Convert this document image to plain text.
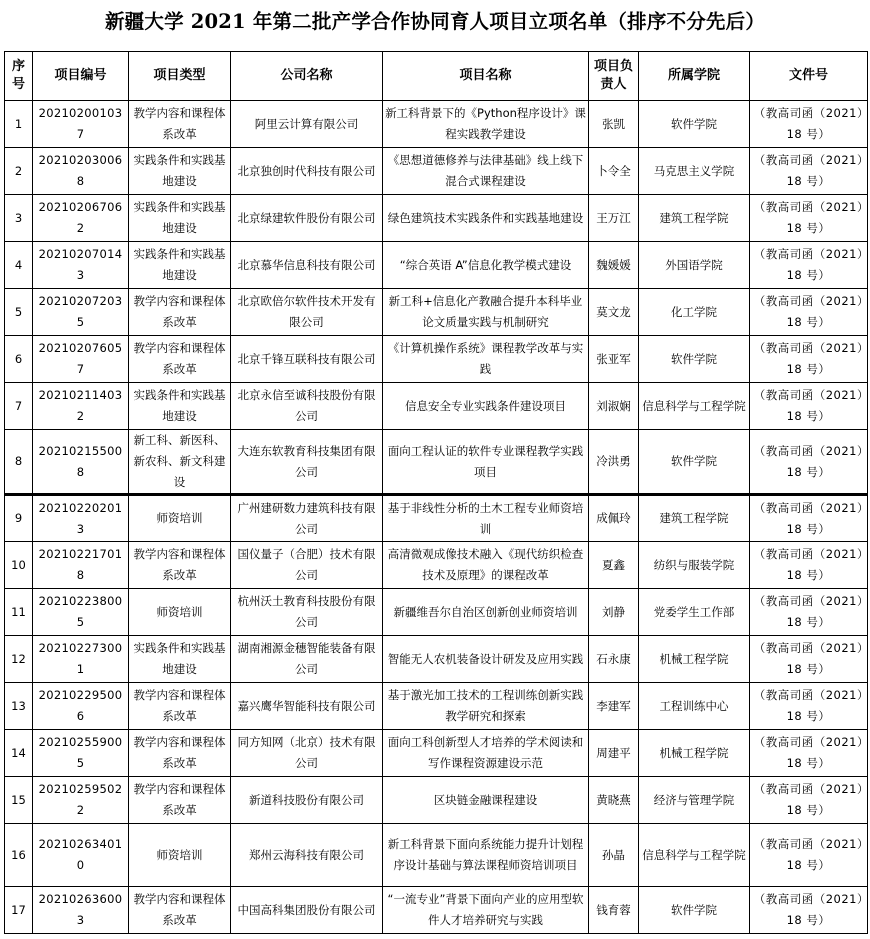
新疆大学 2021 年第二批产学合作协同育人项目立项名单（排序不分先后）
序号	项目编号	项目类型	公司名称	项目名称	项目负责人	所属学院	文件号
1	202102001037	教学内容和课程体系改革	阿里云计算有限公司	新工科背景下的《Python程序设计》课程实践教学建设	张凯	软件学院	（教高司函（2021）18 号）
2	202102030068	实践条件和实践基地建设	北京独创时代科技有限公司	《思想道德修养与法律基础》线上线下混合式课程建设	卜令全	马克思主义学院	（教高司函（2021）18 号）
3	202102067062	实践条件和实践基地建设	北京绿建软件股份有限公司	绿色建筑技术实践条件和实践基地建设	王万江	建筑工程学院	（教高司函（2021）18 号）
4	202102070143	实践条件和实践基地建设	北京慕华信息科技有限公司	“综合英语 A”信息化教学模式建设	魏媛媛	外国语学院	（教高司函（2021）18 号）
5	202102072035	教学内容和课程体系改革	北京欧倍尔软件技术开发有限公司	新工科+信息化产教融合提升本科毕业论文质量实践与机制研究	莫文龙	化工学院	（教高司函（2021）18 号）
6	202102076057	教学内容和课程体系改革	北京千锋互联科技有限公司	《计算机操作系统》课程教学改革与实践	张亚军	软件学院	（教高司函（2021）18 号）
7	202102114032	实践条件和实践基地建设	北京永信至诚科技股份有限公司	信息安全专业实践条件建设项目	刘淑娴	信息科学与工程学院	（教高司函（2021）18 号）
8	202102155008	新工科、新医科、新农科、新文科建设	大连东软教育科技集团有限公司	面向工程认证的软件专业课程教学实践项目	冷洪勇	软件学院	（教高司函（2021）18 号）
9	202102202013	师资培训	广州建研数力建筑科技有限公司	基于非线性分析的土木工程专业师资培训	成佩玲	建筑工程学院	（教高司函（2021）18 号）
10	202102217018	教学内容和课程体系改革	国仪量子（合肥）技术有限公司	高清微观成像技术融入《现代纺织检查技术及原理》的课程改革	夏鑫	纺织与服装学院	（教高司函（2021）18 号）
11	202102238005	师资培训	杭州沃土教育科技股份有限公司	新疆维吾尔自治区创新创业师资培训	刘静	党委学生工作部	（教高司函（2021）18 号）
12	202102273001	实践条件和实践基地建设	湖南湘源金穗智能装备有限公司	智能无人农机装备设计研发及应用实践	石永康	机械工程学院	（教高司函（2021）18 号）
13	202102295006	教学内容和课程体系改革	嘉兴鹰华智能科技有限公司	基于激光加工技术的工程训练创新实践教学研究和探索	李建军	工程训练中心	（教高司函（2021）18 号）
14	202102559005	教学内容和课程体系改革	同方知网（北京）技术有限公司	面向工科创新型人才培养的学术阅读和写作课程资源建设示范	周建平	机械工程学院	（教高司函（2021）18 号）
15	202102595022	教学内容和课程体系改革	新道科技股份有限公司	区块链金融课程建设	黄晓燕	经济与管理学院	（教高司函（2021）18 号）
16	202102634010	师资培训	郑州云海科技有限公司	新工科背景下面向系统能力提升计划程序设计基础与算法课程师资培训项目	孙晶	信息科学与工程学院	（教高司函（2021）18 号）
17	202102636003	教学内容和课程体系改革	中国高科集团股份有限公司	“一流专业”背景下面向产业的应用型软件人才培养研究与实践	钱育蓉	软件学院	（教高司函（2021）18 号）
